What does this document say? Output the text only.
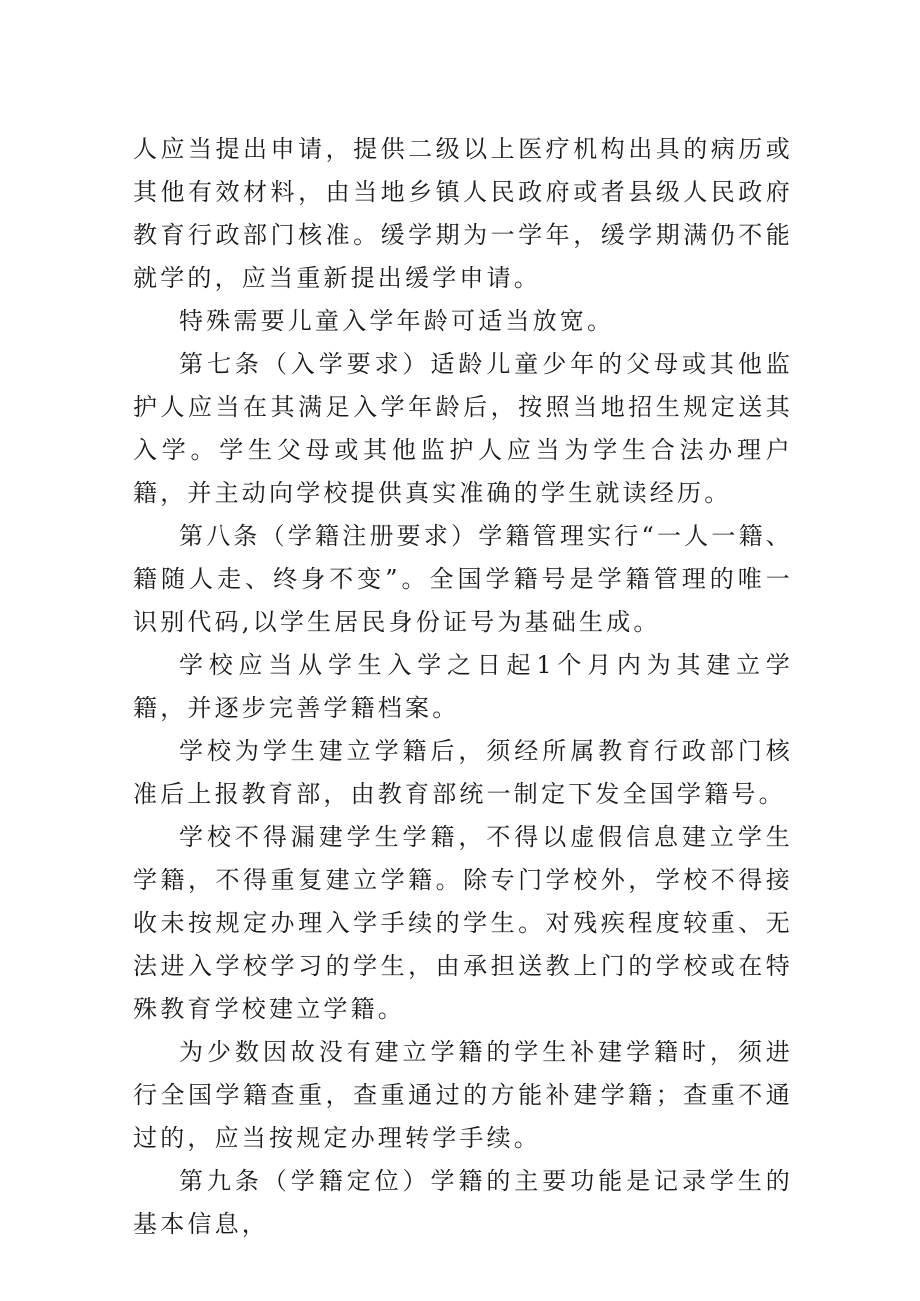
人应当提出申请，提供二级以上医疗机构出具的病历或其他有效材料，由当地乡镇人民政府或者县级人民政府教育行政部门核准。缓学期为一学年，缓学期满仍不能就学的，应当重新提出缓学申请。

特殊需要儿童入学年龄可适当放宽。

第七条（入学要求）适龄儿童少年的父母或其他监护人应当在其满足入学年龄后，按照当地招生规定送其入学。学生父母或其他监护人应当为学生合法办理户籍，并主动向学校提供真实准确的学生就读经历。

第八条（学籍注册要求）学籍管理实行“一人一籍、籍随人走、终身不变”。全国学籍号是学籍管理的唯一识别代码,以学生居民身份证号为基础生成。

学校应当从学生入学之日起1个月内为其建立学籍，并逐步完善学籍档案。

学校为学生建立学籍后，须经所属教育行政部门核准后上报教育部，由教育部统一制定下发全国学籍号。

学校不得漏建学生学籍，不得以虚假信息建立学生学籍，不得重复建立学籍。除专门学校外，学校不得接收未按规定办理入学手续的学生。对残疾程度较重、无法进入学校学习的学生，由承担送教上门的学校或在特殊教育学校建立学籍。

为少数因故没有建立学籍的学生补建学籍时，须进行全国学籍查重，查重通过的方能补建学籍；查重不通过的，应当按规定办理转学手续。

第九条（学籍定位）学籍的主要功能是记录学生的基本信息，
